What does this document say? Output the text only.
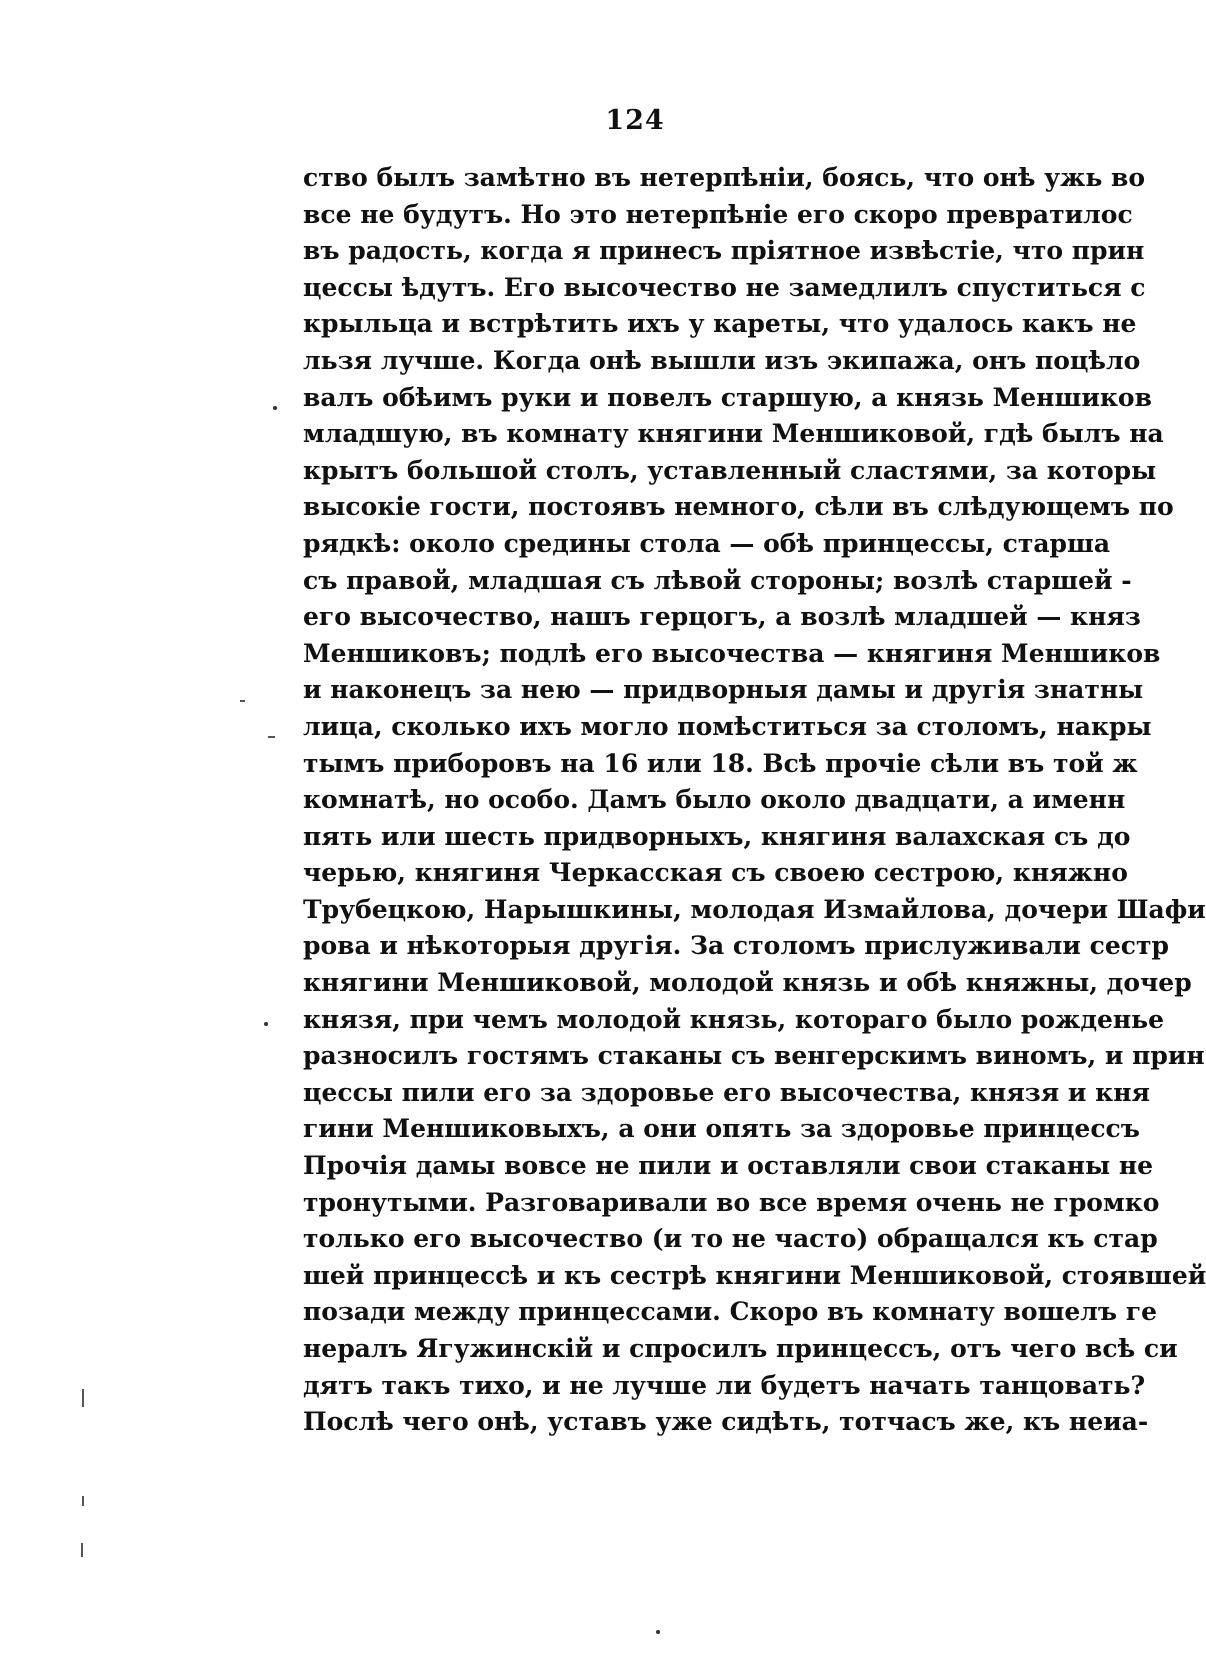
124
ство былъ замѣтно въ нетерпѣніи, боясь, что онѣ ужь во
все не будутъ. Но это нетерпѣніе его скоро превратилос
въ радость, когда я принесъ пріятное извѣстіе, что прин
цессы ѣдутъ. Его высочество не замедлилъ спуститься с
крыльца и встрѣтить ихъ у кареты, что удалось какъ не
льзя лучше. Когда онѣ вышли изъ экипажа, онъ поцѣло
валъ обѣимъ руки и повелъ старшую, а князь Меншиков
младшую, въ комнату княгини Меншиковой, гдѣ былъ на
крытъ большой столъ, уставленный сластями, за которы
высокіе гости, постоявъ немного, сѣли въ слѣдующемъ по
рядкѣ: около средины стола — обѣ принцессы, старша
съ правой, младшая съ лѣвой стороны; возлѣ старшей -
его высочество, нашъ герцогъ, а возлѣ младшей — княз
Меншиковъ; подлѣ его высочества — княгиня Меншиков
и наконецъ за нею — придворныя дамы и другія знатны
лица, сколько ихъ могло помѣститься за столомъ, накры
тымъ приборовъ на 16 или 18. Всѣ прочіе сѣли въ той ж
комнатѣ, но особо. Дамъ было около двадцати, а именн
пять или шесть придворныхъ, княгиня валахская съ до
черью, княгиня Черкасская съ своею сестрою, княжно
Трубецкою, Нарышкины, молодая Измайлова, дочери Шафи
рова и нѣкоторыя другія. За столомъ прислуживали сестр
княгини Меншиковой, молодой князь и обѣ княжны, дочер
князя, при чемъ молодой князь, котораго было рожденье
разносилъ гостямъ стаканы съ венгерскимъ виномъ, и прин
цессы пили его за здоровье его высочества, князя и кня
гини Меншиковыхъ, а они опять за здоровье принцессъ
Прочія дамы вовсе не пили и оставляли свои стаканы не
тронутыми. Разговаривали во все время очень не громко
только его высочество (и то не часто) обращался къ стар
шей принцессѣ и къ сестрѣ княгини Меншиковой, стоявшей
позади между принцессами. Скоро въ комнату вошелъ ге
нералъ Ягужинскій и спросилъ принцессъ, отъ чего всѣ си
дятъ такъ тихо, и не лучше ли будетъ начать танцовать?
Послѣ чего онѣ, уставъ уже сидѣть, тотчасъ же, къ неиа-
